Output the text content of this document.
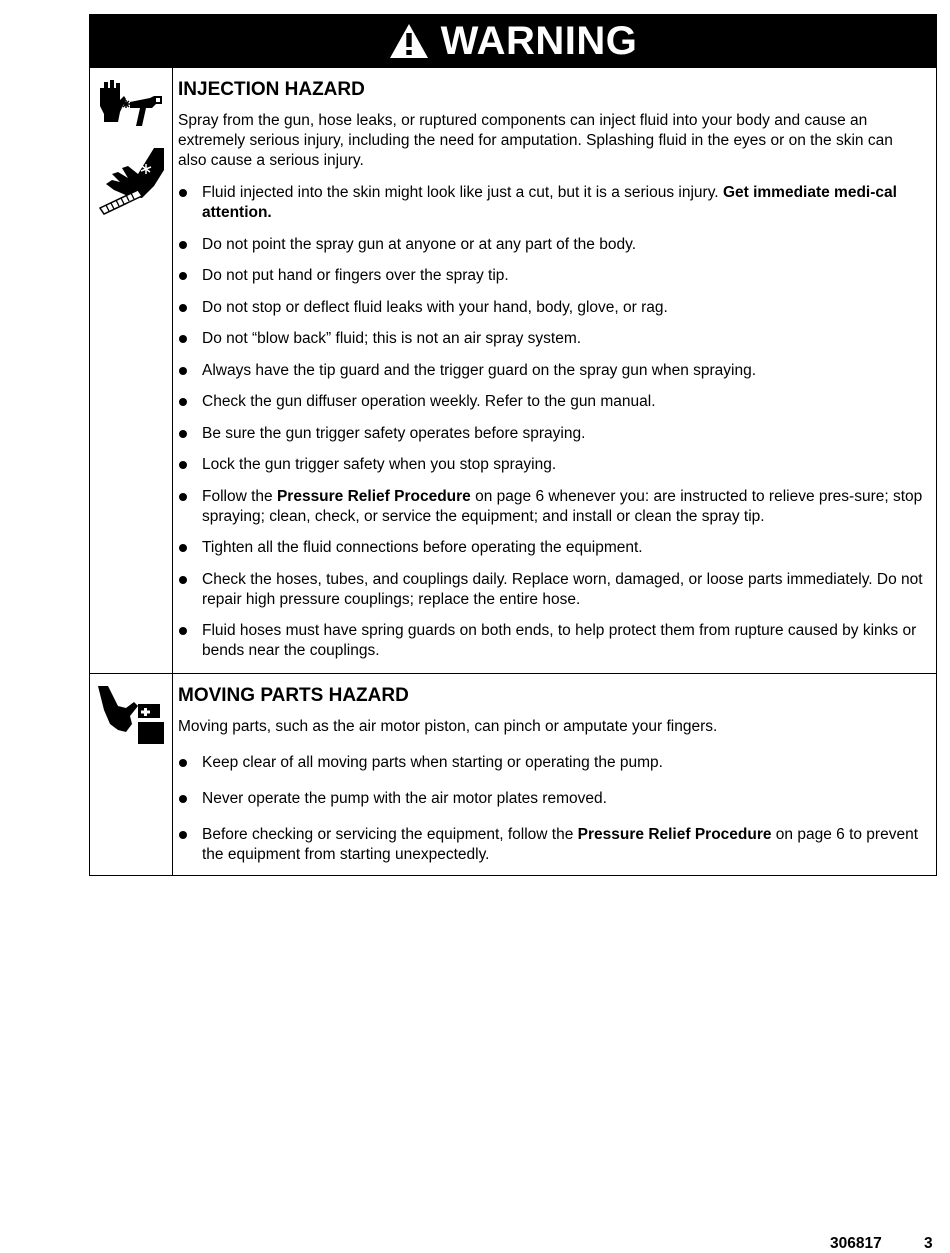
WARNING
INJECTION HAZARD

Spray from the gun, hose leaks, or ruptured components can inject fluid into your body and cause an extremely serious injury, including the need for amputation. Splashing fluid in the eyes or on the skin can also cause a serious injury.

Fluid injected into the skin might look like just a cut, but it is a serious injury. Get immediate medi-cal attention.
Do not point the spray gun at anyone or at any part of the body.
Do not put hand or fingers over the spray tip.
Do not stop or deflect fluid leaks with your hand, body, glove, or rag.
Do not “blow back” fluid; this is not an air spray system.
Always have the tip guard and the trigger guard on the spray gun when spraying.
Check the gun diffuser operation weekly. Refer to the gun manual.
Be sure the gun trigger safety operates before spraying.
Lock the gun trigger safety when you stop spraying.
Follow the Pressure Relief Procedure on page 6 whenever you: are instructed to relieve pres-sure; stop spraying; clean, check, or service the equipment; and install or clean the spray tip.
Tighten all the fluid connections before operating the equipment.
Check the hoses, tubes, and couplings daily. Replace worn, damaged, or loose parts immediately. Do not repair high pressure couplings; replace the entire hose.
Fluid hoses must have spring guards on both ends, to help protect them from rupture caused by kinks or bends near the couplings.
MOVING PARTS HAZARD

Moving parts, such as the air motor piston, can pinch or amputate your fingers.

Keep clear of all moving parts when starting or operating the pump.
Never operate the pump with the air motor plates removed.
Before checking or servicing the equipment, follow the Pressure Relief Procedure on page 6 to prevent the equipment from starting unexpectedly.
306817	3
